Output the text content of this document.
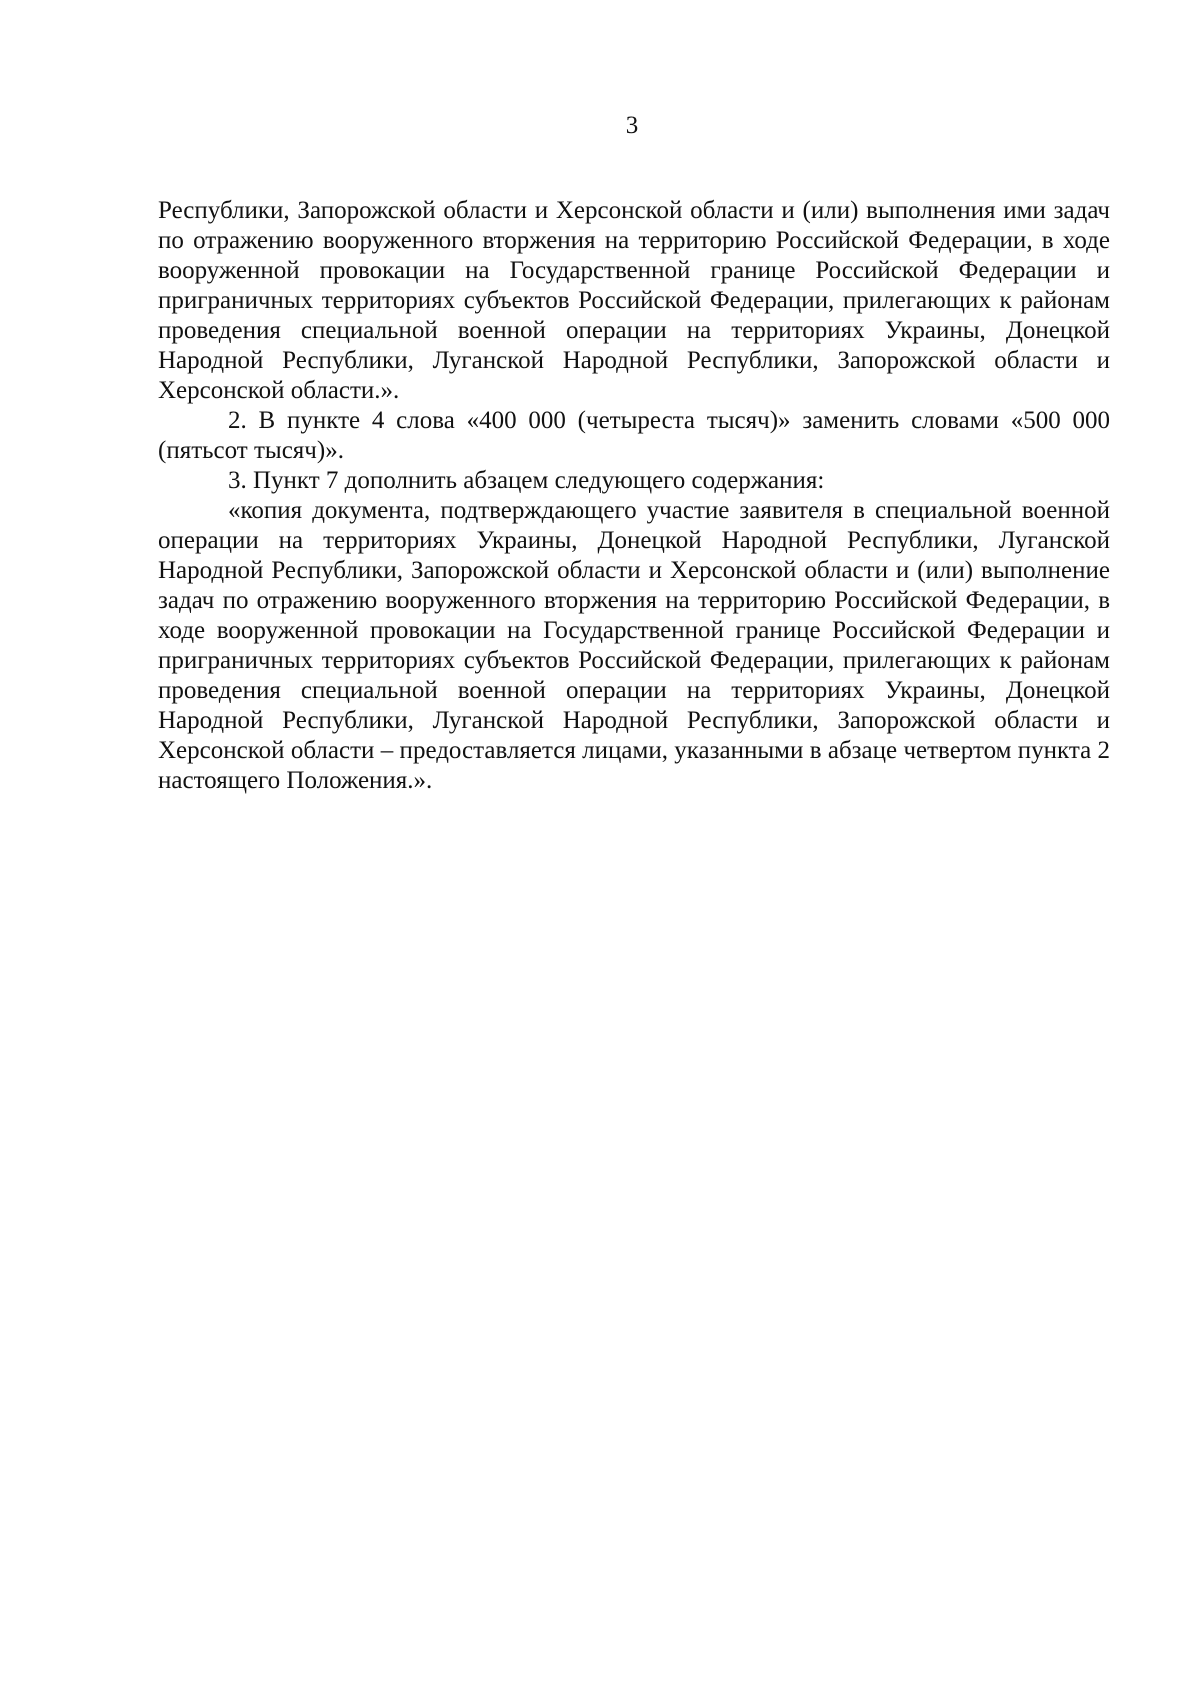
3

Республики, Запорожской области и Херсонской области и (или) выполнения ими задач по отражению вооруженного вторжения на территорию Российской Федерации, в ходе вооруженной провокации на Государственной границе Российской Федерации и приграничных территориях субъектов Российской Федерации, прилегающих к районам проведения специальной военной операции на территориях Украины, Донецкой Народной Республики, Луганской Народной Республики, Запорожской области и Херсонской области.».

2. В пункте 4 слова «400 000 (четыреста тысяч)» заменить словами «500 000 (пятьсот тысяч)».

3. Пункт 7 дополнить абзацем следующего содержания:

«копия документа, подтверждающего участие заявителя в специальной военной операции на территориях Украины, Донецкой Народной Республики, Луганской Народной Республики, Запорожской области и Херсонской области и (или) выполнение задач по отражению вооруженного вторжения на территорию Российской Федерации, в ходе вооруженной провокации на Государственной границе Российской Федерации и приграничных территориях субъектов Российской Федерации, прилегающих к районам проведения специальной военной операции на территориях Украины, Донецкой Народной Республики, Луганской Народной Республики, Запорожской области и Херсонской области – предоставляется лицами, указанными в абзаце четвертом пункта 2 настоящего Положения.».
